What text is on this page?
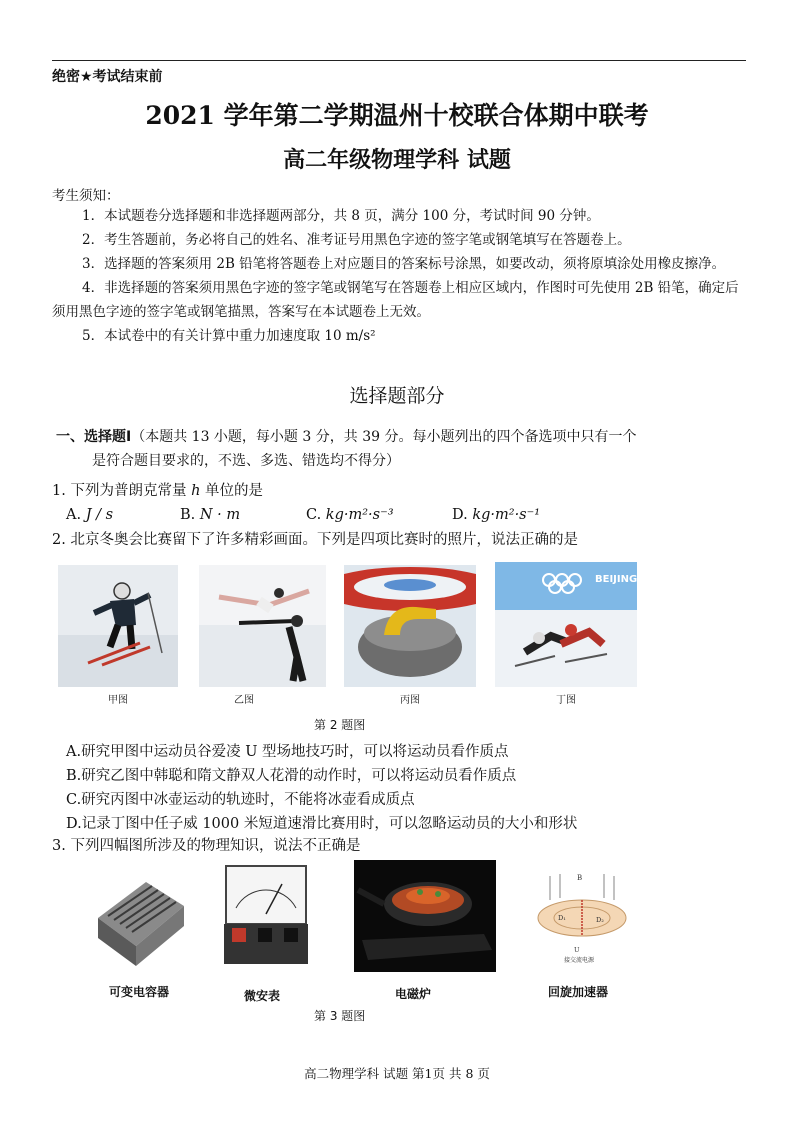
绝密★考试结束前
2021 学年第二学期温州十校联合体期中联考
高二年级物理学科 试题
考生须知：

1．本试题卷分选择题和非选择题两部分，共 8 页，满分 100 分，考试时间 90 分钟。

2．考生答题前，务必将自己的姓名、准考证号用黑色字迹的签字笔或钢笔填写在答题卷上。

3．选择题的答案须用 2B 铅笔将答题卷上对应题目的答案标号涂黑，如要改动，须将原填涂处用橡皮擦净。

4．非选择题的答案须用黑色字迹的签字笔或钢笔写在答题卷上相应区域内，作图时可先使用 2B 铅笔，确定后须用黑色字迹的签字笔或钢笔描黑，答案写在本试题卷上无效。

5．本试卷中的有关计算中重力加速度取 10 m/s²

选择题部分
一、选择题Ⅰ（本题共 13 小题，每小题 3 分，共 39 分。每小题列出的四个备选项中只有一个
是符合题目要求的，不选、多选、错选均不得分）
1. 下列为普朗克常量 h 单位的是
A. J / s	B. N · m	C. kg·m²·s⁻³	D. kg·m²·s⁻¹
2. 北京冬奥会比赛留下了许多精彩画面。下列是四项比赛时的照片，说法正确的是
甲图	乙图	丙图
BEIJING
丁图
第 2 题图
A.研究甲图中运动员谷爱凌 U 型场地技巧时，可以将运动员看作质点
B.研究乙图中韩聪和隋文静双人花滑的动作时，可以将运动员看作质点
C.研究丙图中冰壶运动的轨迹时，不能将冰壶看成质点
D.记录丁图中任子威 1000 米短道速滑比赛用时，可以忽略运动员的大小和形状
3. 下列四幅图所涉及的物理知识，说法不正确是
可变电容器	微安表	电磁炉
B
D₁	D₂
U
接交流电源
回旋加速器
第 3 题图
高二物理学科 试题 第1页 共 8 页
